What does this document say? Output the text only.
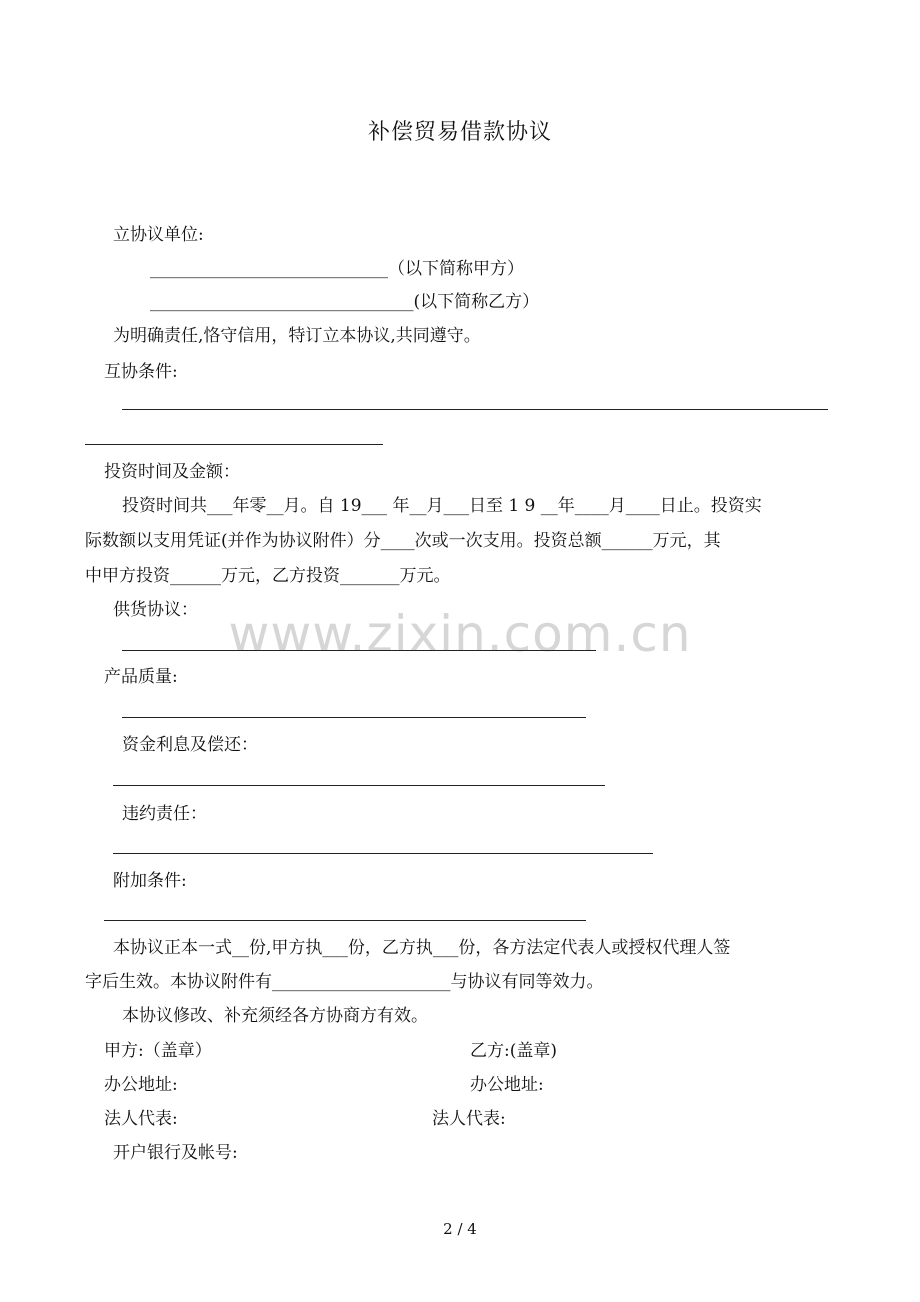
www.zixin.com.cn
补偿贸易借款协议
立协议单位:
____________________________（以下简称甲方）
_______________________________(以下简称乙方）
为明确责任,恪守信用，特订立本协议,共同遵守。
互协条件:
投资时间及金额：
投资时间共___年零__月。自 19___ 年__月___日至 1 9 __年____月____日止。投资实
际数额以支用凭证(并作为协议附件）分____次或一次支用。投资总额______万元，其
中甲方投资______万元，乙方投资_______万元。
供货协议：
产品质量:
资金利息及偿还：
违约责任：
附加条件:
本协议正本一式__份,甲方执___份，乙方执___份，各方法定代表人或授权代理人签
字后生效。本协议附件有_____________________与协议有同等效力。
本协议修改、补充须经各方协商方有效。
甲方:（盖章）	乙方:(盖章)
办公地址:	办公地址:
法人代表:	法人代表:
开户银行及帐号:
2 / 4
